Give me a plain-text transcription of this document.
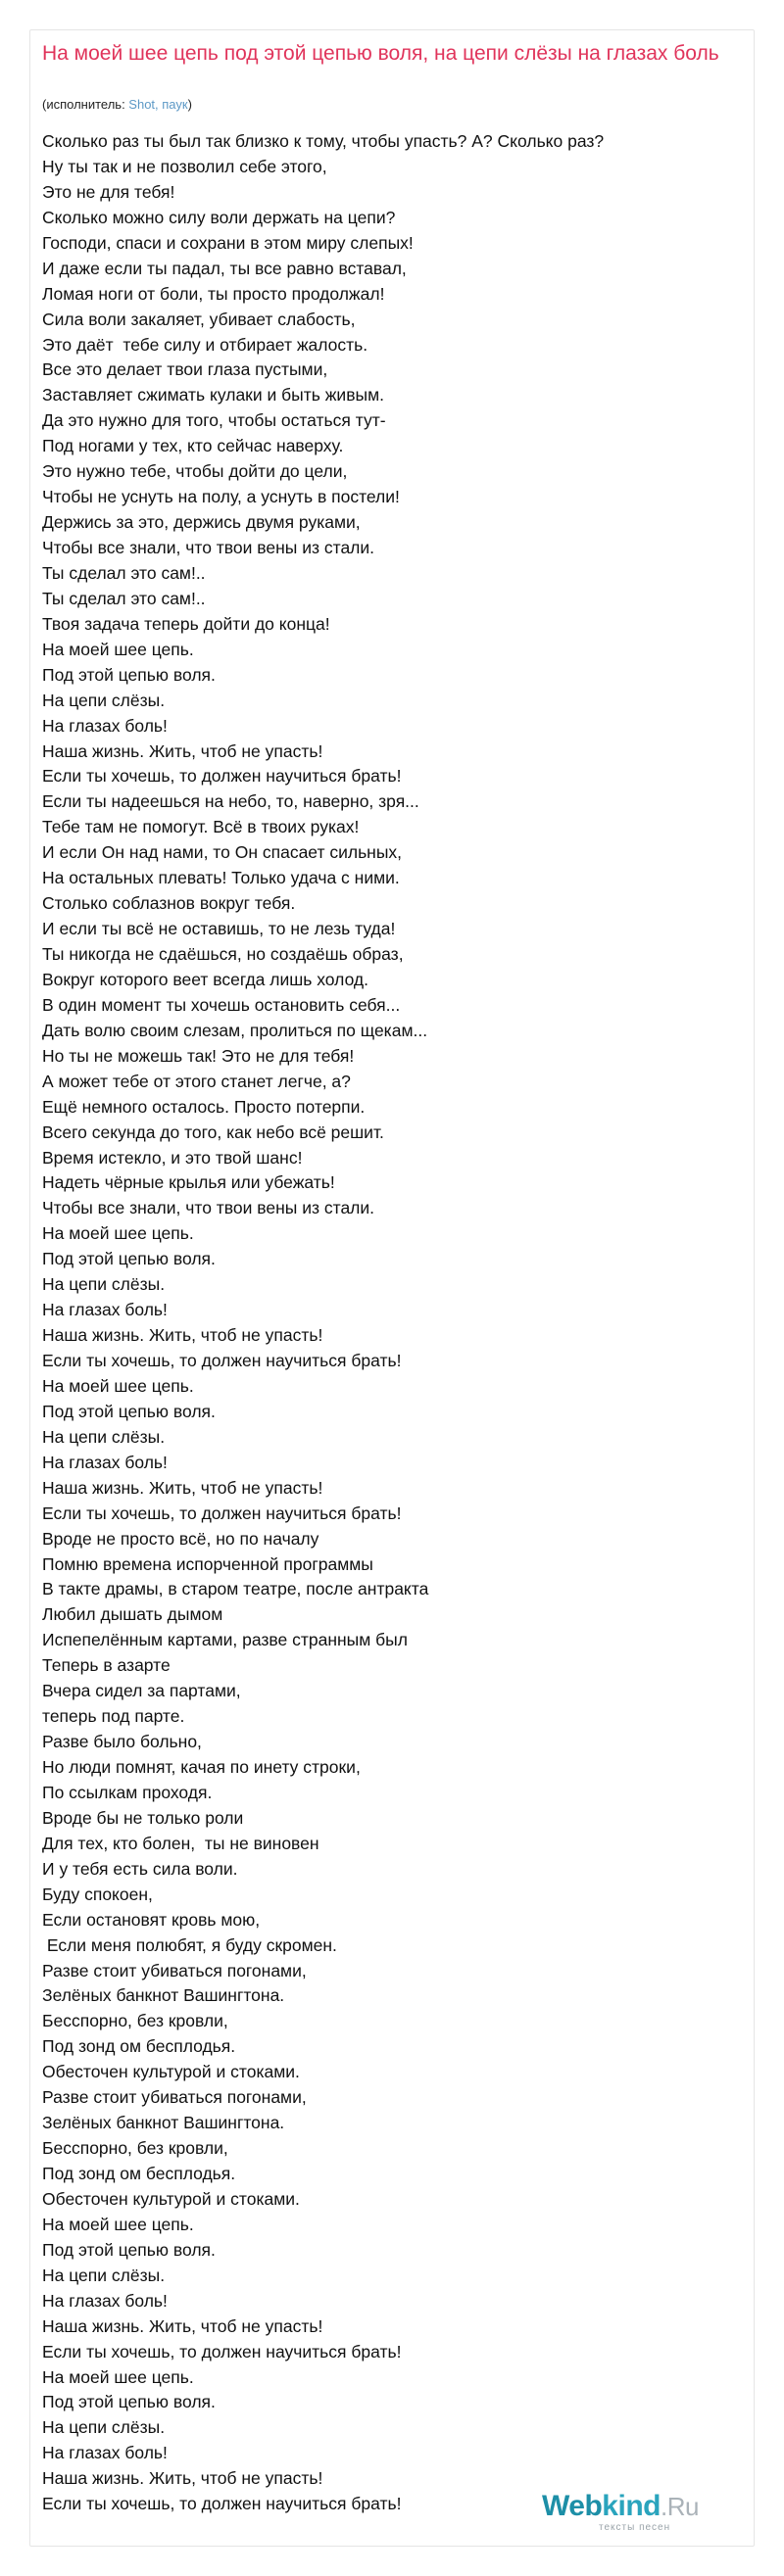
На моей шее цепь под этой цепью воля, на цепи слёзы на глазах боль
(исполнитель: Shot, паук)
Сколько раз ты был так близко к тому, чтобы упасть? А? Сколько раз?
Ну ты так и не позволил себе этого,
Это не для тебя!
Сколько можно силу воли держать на цепи?
Господи, спаси и сохрани в этом миру слепых!
И даже если ты падал, ты все равно вставал,
Ломая ноги от боли, ты просто продолжал!
Сила воли закаляет, убивает слабость,
Это даёт  тебе силу и отбирает жалость.
Все это делает твои глаза пустыми,
Заставляет сжимать кулаки и быть живым.
Да это нужно для того, чтобы остаться тут-
Под ногами у тех, кто сейчас наверху.
Это нужно тебе, чтобы дойти до цели,
Чтобы не уснуть на полу, а уснуть в постели!
Держись за это, держись двумя руками,
Чтобы все знали, что твои вены из стали.
Ты сделал это сам!..
Ты сделал это сам!..
Твоя задача теперь дойти до конца!
На моей шее цепь.
Под этой цепью воля.
На цепи слёзы.
На глазах боль!
Наша жизнь. Жить, чтоб не упасть!
Если ты хочешь, то должен научиться брать!
Если ты надеешься на небо, то, наверно, зря...
Тебе там не помогут. Всё в твоих руках!
И если Он над нами, то Он спасает сильных,
На остальных плевать! Только удача с ними.
Столько соблазнов вокруг тебя.
И если ты всё не оставишь, то не лезь туда!
Ты никогда не сдаёшься, но создаёшь образ,
Вокруг которого веет всегда лишь холод.
В один момент ты хочешь остановить себя...
Дать волю своим слезам, пролиться по щекам...
Но ты не можешь так! Это не для тебя!
А может тебе от этого станет легче, а?
Ещё немного осталось. Просто потерпи.
Всего секунда до того, как небо всё решит.
Время истекло, и это твой шанс!
Надеть чёрные крылья или убежать!
Чтобы все знали, что твои вены из стали.
На моей шее цепь.
Под этой цепью воля.
На цепи слёзы.
На глазах боль!
Наша жизнь. Жить, чтоб не упасть!
Если ты хочешь, то должен научиться брать!
На моей шее цепь.
Под этой цепью воля.
На цепи слёзы.
На глазах боль!
Наша жизнь. Жить, чтоб не упасть!
Если ты хочешь, то должен научиться брать!
Вроде не просто всё, но по началу
Помню времена испорченной программы
В такте драмы, в старом театре, после антракта
Любил дышать дымом
Испепелённым картами, разве странным был
Теперь в азарте
Вчера сидел за партами,
теперь под парте.
Разве было больно,
Но люди помнят, качая по инету строки,
По ссылкам проходя.
Вроде бы не только роли
Для тех, кто болен,  ты не виновен
И у тебя есть сила воли.
Буду спокоен,
Если остановят кровь мою,
Если меня полюбят, я буду скромен.
Разве стоит убиваться погонами,
Зелёных банкнот Вашингтона.
Бесспорно, без кровли,
Под зонд ом бесплодья.
Обесточен культурой и стоками.
Разве стоит убиваться погонами,
Зелёных банкнот Вашингтона.
Бесспорно, без кровли,
Под зонд ом бесплодья.
Обесточен культурой и стоками.
На моей шее цепь.
Под этой цепью воля.
На цепи слёзы.
На глазах боль!
Наша жизнь. Жить, чтоб не упасть!
Если ты хочешь, то должен научиться брать!
На моей шее цепь.
Под этой цепью воля.
На цепи слёзы.
На глазах боль!
Наша жизнь. Жить, чтоб не упасть!
Если ты хочешь, то должен научиться брать!	Webkind.Ru
тексты песен
